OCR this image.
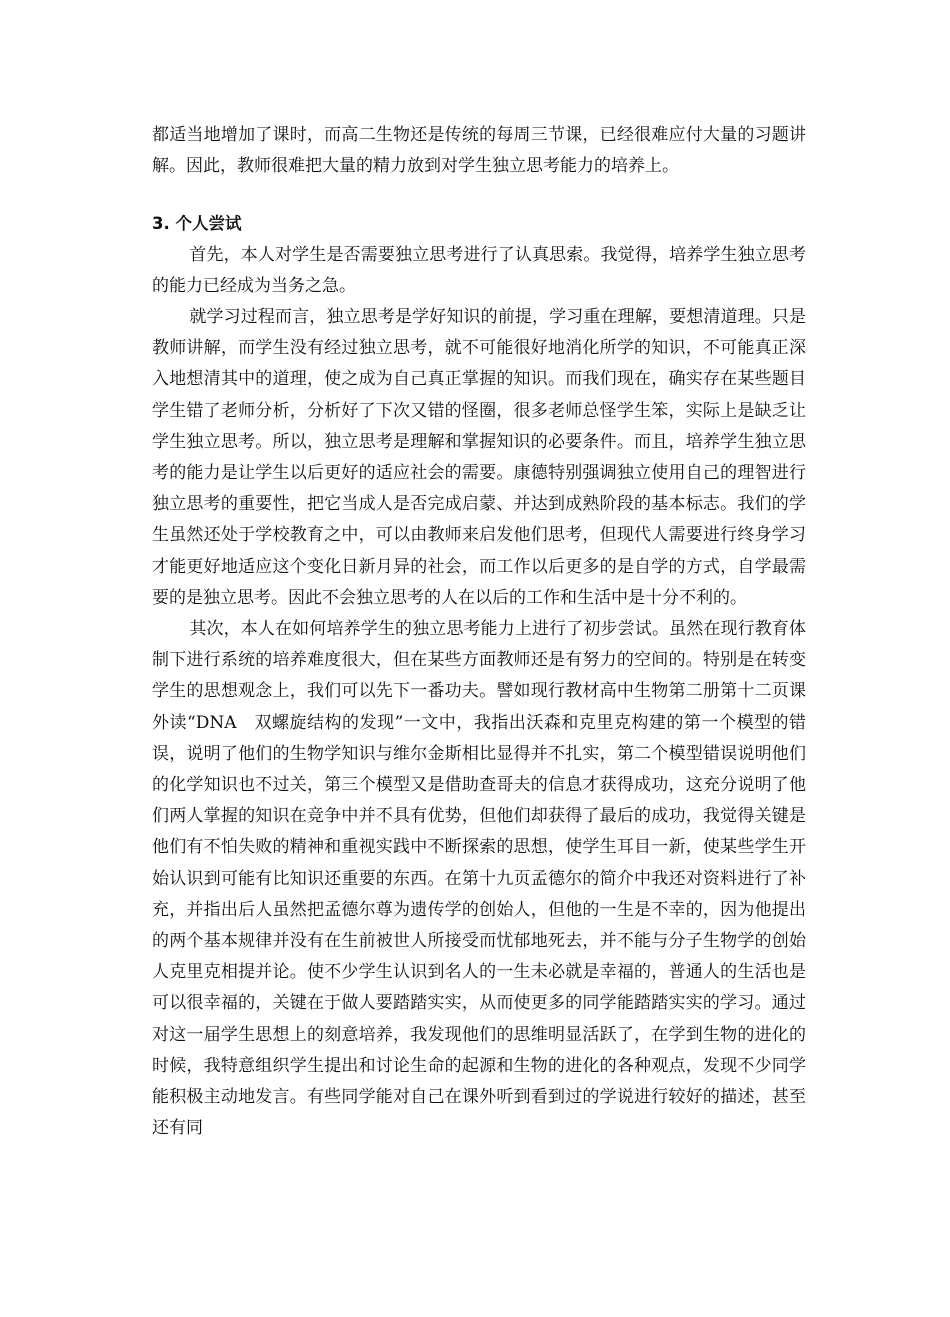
都适当地增加了课时，而高二生物还是传统的每周三节课，已经很难应付大量的习题讲解。因此，教师很难把大量的精力放到对学生独立思考能力的培养上。

3. 个人尝试

首先，本人对学生是否需要独立思考进行了认真思索。我觉得，培养学生独立思考的能力已经成为当务之急。

就学习过程而言，独立思考是学好知识的前提，学习重在理解，要想清道理。只是教师讲解，而学生没有经过独立思考，就不可能很好地消化所学的知识，不可能真正深入地想清其中的道理，使之成为自己真正掌握的知识。而我们现在，确实存在某些题目学生错了老师分析，分析好了下次又错的怪圈，很多老师总怪学生笨，实际上是缺乏让学生独立思考。所以，独立思考是理解和掌握知识的必要条件。而且，培养学生独立思考的能力是让学生以后更好的适应社会的需要。康德特别强调独立使用自己的理智进行独立思考的重要性，把它当成人是否完成启蒙、并达到成熟阶段的基本标志。我们的学生虽然还处于学校教育之中，可以由教师来启发他们思考，但现代人需要进行终身学习才能更好地适应这个变化日新月异的社会，而工作以后更多的是自学的方式，自学最需要的是独立思考。因此不会独立思考的人在以后的工作和生活中是十分不利的。

其次，本人在如何培养学生的独立思考能力上进行了初步尝试。虽然在现行教育体制下进行系统的培养难度很大，但在某些方面教师还是有努力的空间的。特别是在转变学生的思想观念上，我们可以先下一番功夫。譬如现行教材高中生物第二册第十二页课外读“DNA　双螺旋结构的发现”一文中，我指出沃森和克里克构建的第一个模型的错误，说明了他们的生物学知识与维尔金斯相比显得并不扎实，第二个模型错误说明他们的化学知识也不过关，第三个模型又是借助查哥夫的信息才获得成功，这充分说明了他们两人掌握的知识在竞争中并不具有优势，但他们却获得了最后的成功，我觉得关键是他们有不怕失败的精神和重视实践中不断探索的思想，使学生耳目一新，使某些学生开始认识到可能有比知识还重要的东西。在第十九页孟德尔的简介中我还对资料进行了补充，并指出后人虽然把孟德尔尊为遗传学的创始人，但他的一生是不幸的，因为他提出的两个基本规律并没有在生前被世人所接受而忧郁地死去，并不能与分子生物学的创始人克里克相提并论。使不少学生认识到名人的一生未必就是幸福的，普通人的生活也是可以很幸福的，关键在于做人要踏踏实实，从而使更多的同学能踏踏实实的学习。通过对这一届学生思想上的刻意培养，我发现他们的思维明显活跃了，在学到生物的进化的时候，我特意组织学生提出和讨论生命的起源和生物的进化的各种观点，发现不少同学能积极主动地发言。有些同学能对自己在课外听到看到过的学说进行较好的描述，甚至还有同
